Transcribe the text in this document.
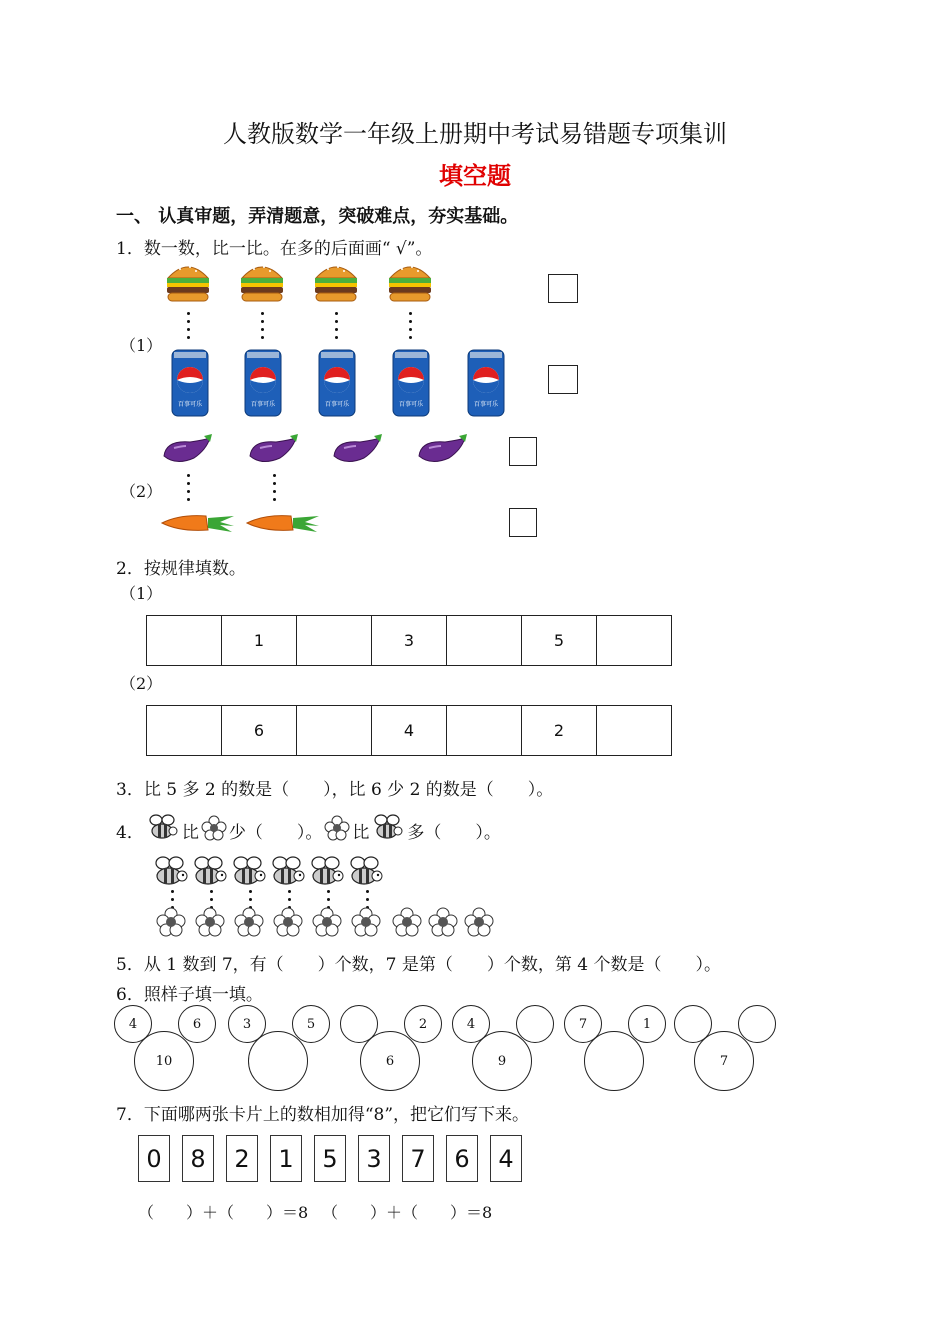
人教版数学一年级上册期中考试易错题专项集训
填空题
一、 认真审题，弄清题意，突破难点，夯实基础。
1．数一数，比一比。在多的后面画“ √”。
（1）
（2）
百事可乐	百事可乐	百事可乐	百事可乐	百事可乐
2．按规律填数。
（1）
	1		3		5	
（2）
	6		4		2	
3．比 5 多 2 的数是（　　），比 6 少 2 的数是（　　）。
4． 比 少（　　）。 比 多（　　）。
5．从 1 数到 7，有（　　）个数，7 是第（　　）个数，第 4 个数是（　　）。
6．照样子填一填。
4	6
10
3	5	2
6
4
9
7	1
7
7．下面哪两张卡片上的数相加得“8”，把它们写下来。
0	8	2	1	5	3	7	6	4
（　　）＋（　　）＝8 （　　）＋（　　）＝8
